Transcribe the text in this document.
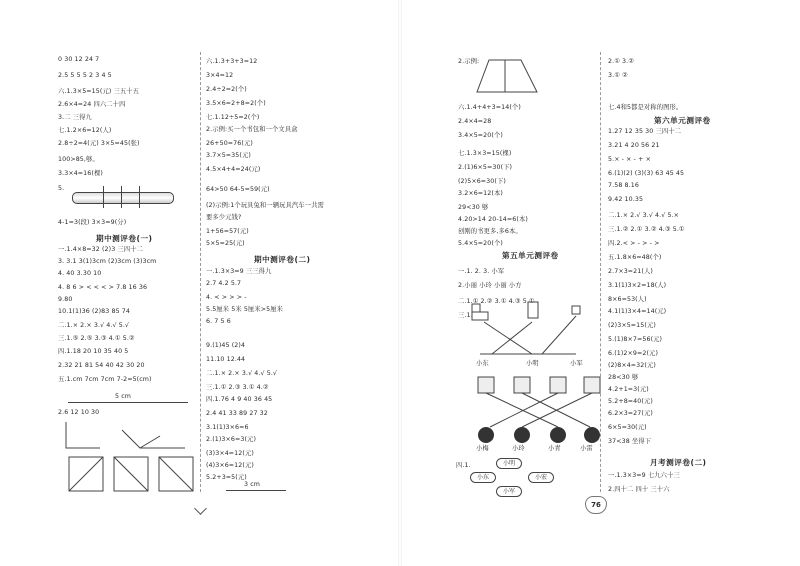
0 30 12 24 7
2.5 5 5 5 2 3 4 5
六.1.3×5=15(元) 三五十五
2.6×4=24 四六二十四
3.二 三得九
七.1.2×6=12(人)
2.8÷2=4(元) 3×5=45(张)
100>85,够。
3.3×4=16(棵)
5.
4-1=3(段) 3×3=9(分)
一.1.4×8=32 (2)3 三四十二
3. 3.1 3(1)3cm (2)3cm (3)3cm
4. 40 3.30 10
4. 8 6 > < < < > 7.8 16 36
9.80
10.1(1)36 (2)83 85 74
二.1.× 2.× 3.√ 4.√ 5.√
三.1.⑤ 2.⑤ 3.③ 4.① 5.②
四.1.18 20 10 35 40 5
2.32 21 81 54 40 42 30 20
五.1.cm 7cm 7cm 7-2=5(cm)
2.6 12 10 30
期中测评卷(一)
5 cm
六.1.3+3+3=12
3×4=12
2.4÷2=2(个)
3.5×6=2+8=2(个)
七.1.12÷5=2(个)
2.示例:买一个书包和一个文具盒
26+50=76(元)
3.7×5=35(元)
4.5×4+4=24(元)
64>50 64-5=59(元)
(2)示例:1个玩具兔和一辆玩具汽车一共需
要多少元钱?
1+56=57(元)
5×5=25(元)
一.1.3×3=9 三三得九
2.7 4.2 5.7
4. < > > > -
5.5厘米 5米 5厘米>5厘米
6. 7 5 6
9.(1)45 (2)4
11.10 12.44
二.1.× 2.× 3.√ 4.√ 5.√
三.1.① 2.③ 3.① 4.②
四.1.76 4 9 40 36 45
2.4 41 33 89 27 32
3.1(1)3×6=6
2.(1)3×6=3(元)
(3)3×4=12(元)
(4)3×6=12(元)
5.2+3=5(元)
期中测评卷(二)
3 cm
2.示例:
六.1.4+4+3=14(个)
2.4×4=28
3.4×5=20(个)
七.1.3×3=15(棵)
2.(1)6×5=30(下)
(2)5×6=30(下)
3.2×6=12(本)
29<30 够
4.20>14 20-14=6(本)
创刚的书更多,多6本。
5.4×5=20(个)
一.1. 2. 3. 小军
2.小丽 小玲 小丽 小方
二.1.① 2.② 3.① 4.③ 5.①
三.1.
第五单元测评卷
小东	小明	小军
小梅	小玲	小青	小雷
四.1.	小明
小东	小宏
小军
2.① 3.②
3.① ②
七.4和5都是对称的图形。
1.27 12 35 30 三四十二
3.21 4 20 56 21
5.× - × - + ×
6.(1)(2) (3)(3) 63 45 45
7.58 8.16
9.42 10.35
二.1.× 2.√ 3.√ 4.√ 5.×
三.1.② 2.① 3.② 4.③ 5.①
四.2.< > - > - >
五.1.8×6=48(个)
2.7×3=21(人)
3.1(1)3×2=18(人)
8×6=53(人)
4.1(1)3×4=14(元)
(2)3×5=15(元)
5.(1)8×7=56(元)
6.(1)2×9=2(元)
(2)8×4=32(元)
28<30 够
4.2+1=3(元)
5.2+8=40(元)
6.2×3=27(元)
6×5=30(元)
37<38 坐得下
一.1.3×3=9 七九六十三
2.四十二 四十 三十六
第六单元测评卷
月考测评卷(二)
76
